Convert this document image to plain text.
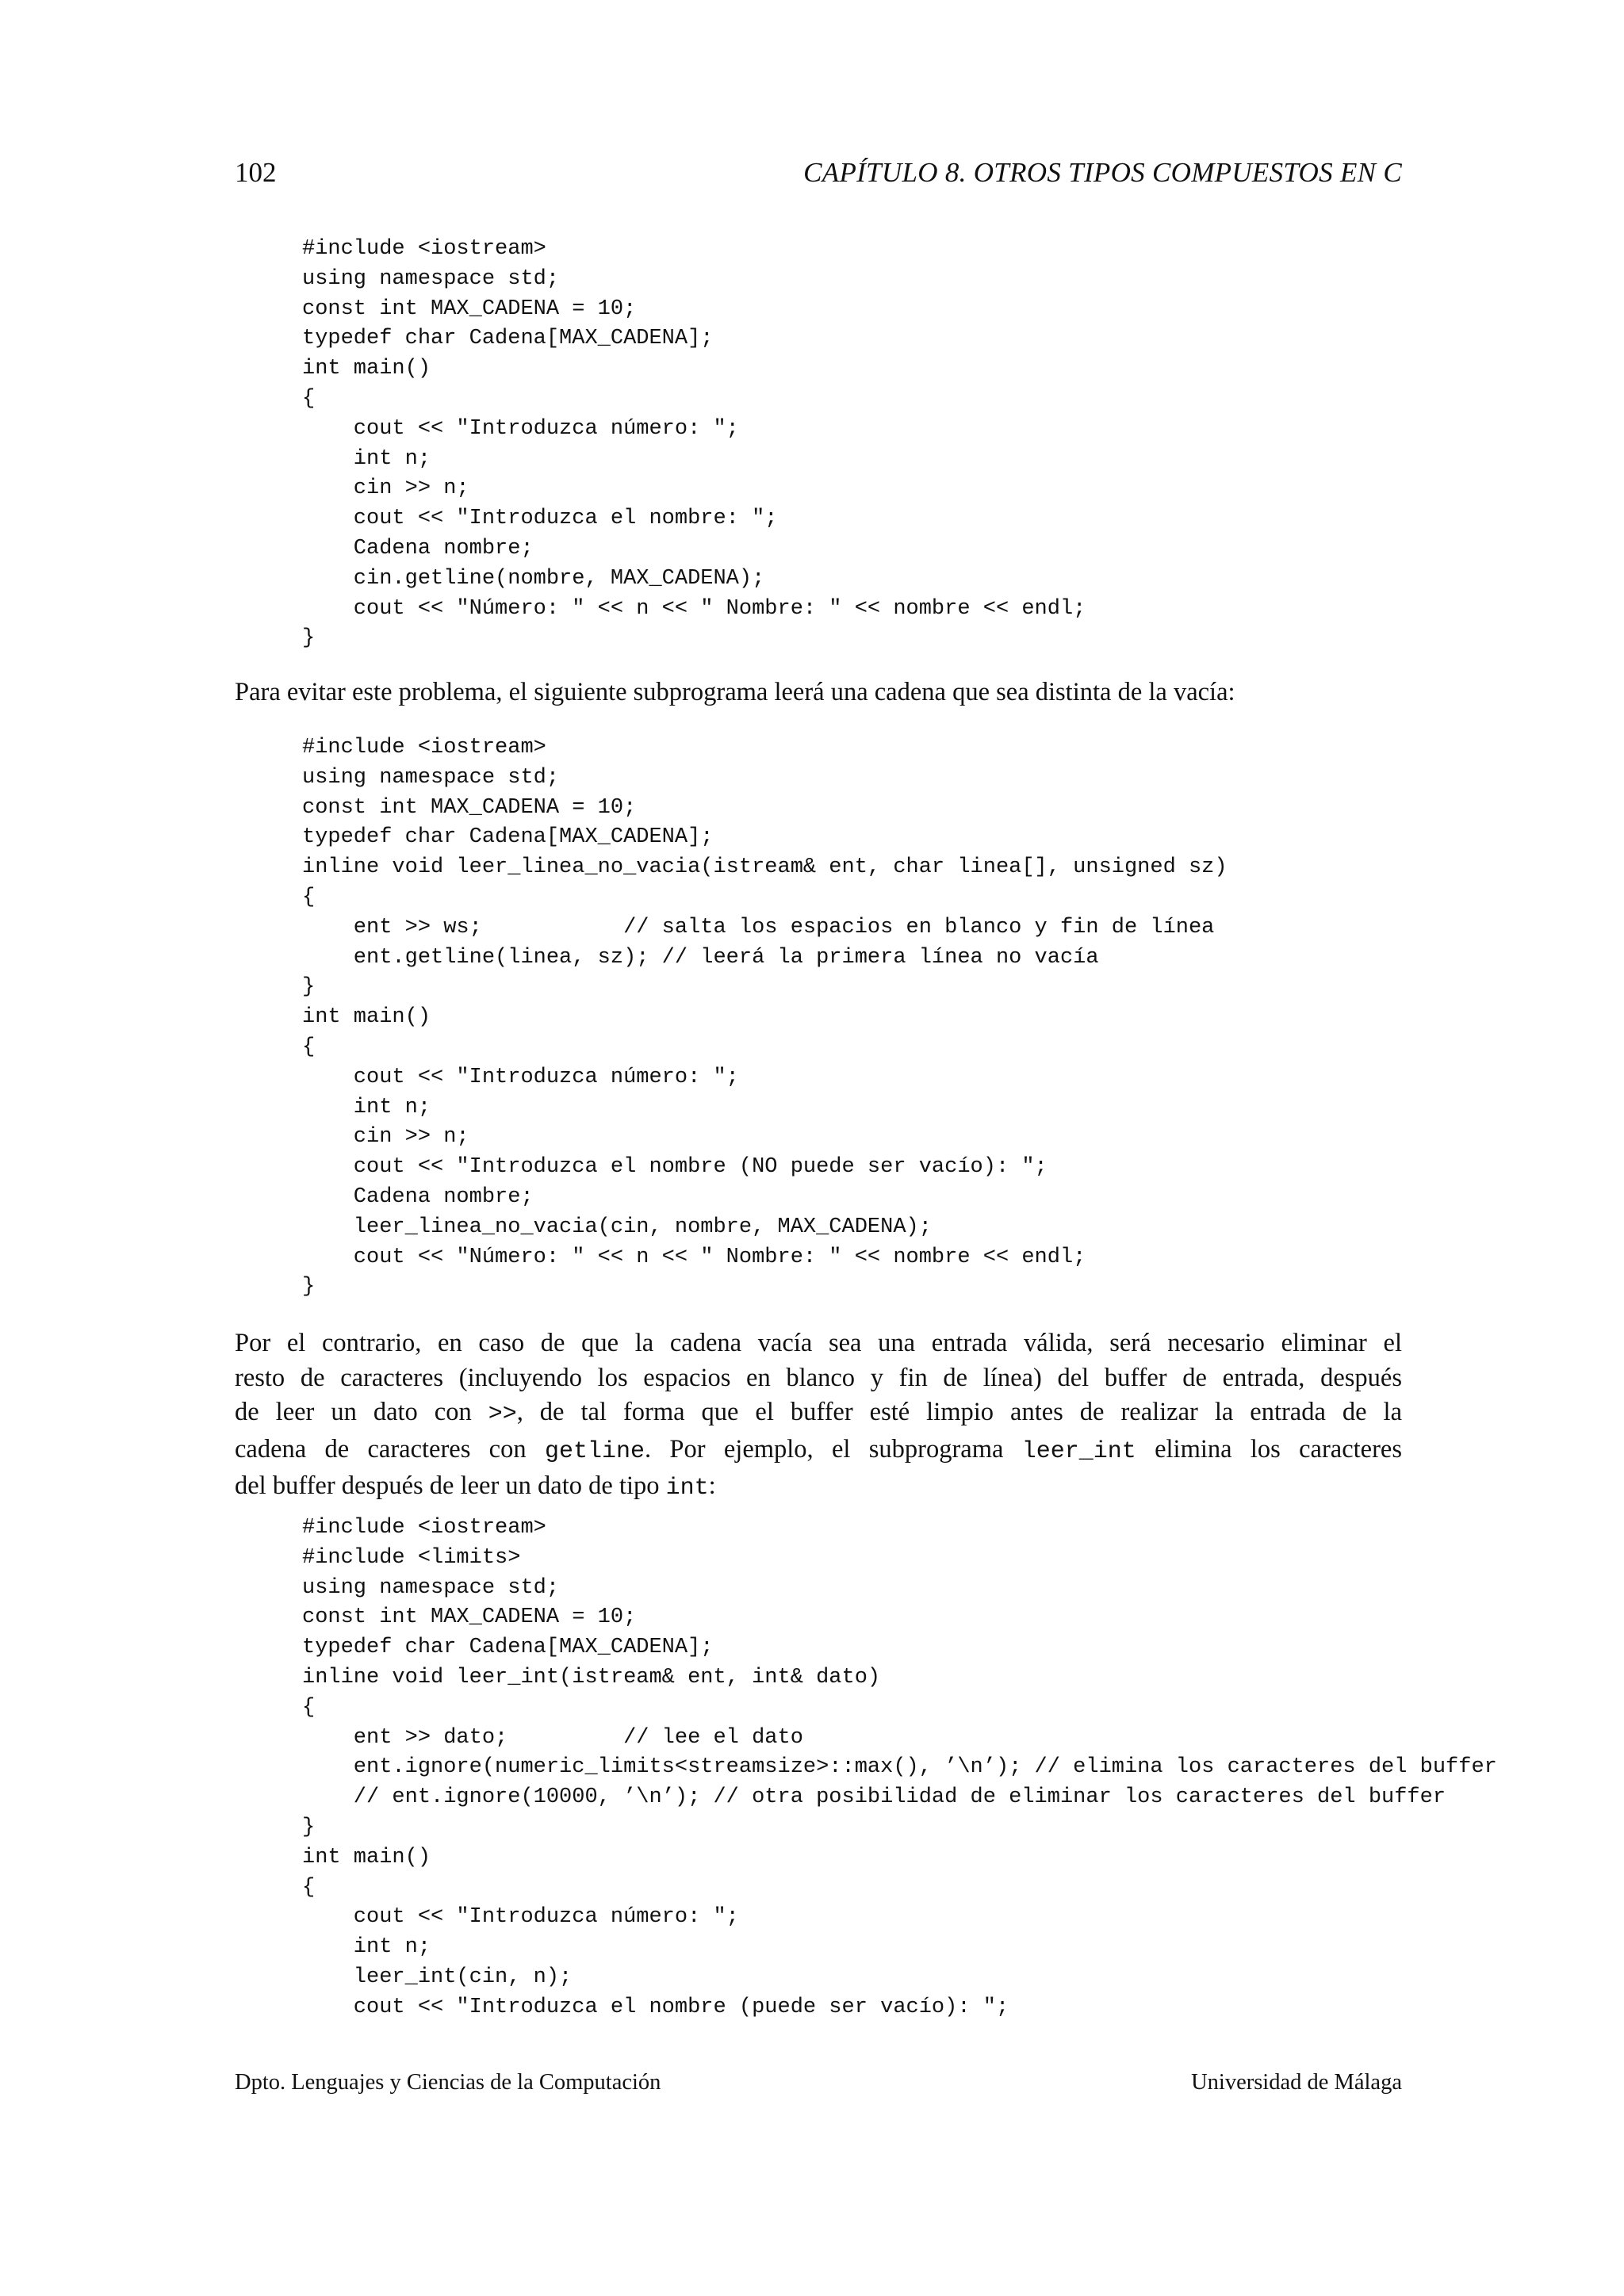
102	CAPÍTULO 8. OTROS TIPOS COMPUESTOS EN C
#include <iostream>
using namespace std;
const int MAX_CADENA = 10;
typedef char Cadena[MAX_CADENA];
int main()
{
cout << "Introduzca número: ";
int n;
cin >> n;
cout << "Introduzca el nombre: ";
Cadena nombre;
cin.getline(nombre, MAX_CADENA);
cout << "Número: " << n << " Nombre: " << nombre << endl;
}

Para evitar este problema, el siguiente subprograma leerá una cadena que sea distinta de la vacía:

#include <iostream>
using namespace std;
const int MAX_CADENA = 10;
typedef char Cadena[MAX_CADENA];
inline void leer_linea_no_vacia(istream& ent, char linea[], unsigned sz)
{
ent >> ws;           // salta los espacios en blanco y fin de línea
ent.getline(linea, sz); // leerá la primera línea no vacía
}
int main()
{
cout << "Introduzca número: ";
int n;
cin >> n;
cout << "Introduzca el nombre (NO puede ser vacío): ";
Cadena nombre;
leer_linea_no_vacia(cin, nombre, MAX_CADENA);
cout << "Número: " << n << " Nombre: " << nombre << endl;
}
Por el contrario, en caso de que la cadena vacía sea una entrada válida, será necesario eliminar el
resto de caracteres (incluyendo los espacios en blanco y fin de línea) del buffer de entrada, después
de leer un dato con >>, de tal forma que el buffer esté limpio antes de realizar la entrada de la
cadena de caracteres con getline. Por ejemplo, el subprograma leer_int elimina los caracteres
del buffer después de leer un dato de tipo int:
#include <iostream>
#include <limits>
using namespace std;
const int MAX_CADENA = 10;
typedef char Cadena[MAX_CADENA];
inline void leer_int(istream& ent, int& dato)
{
ent >> dato;         // lee el dato
ent.ignore(numeric_limits<streamsize>::max(), ’\n’); // elimina los caracteres del buffer
// ent.ignore(10000, ’\n’); // otra posibilidad de eliminar los caracteres del buffer
}
int main()
{
cout << "Introduzca número: ";
int n;
leer_int(cin, n);
cout << "Introduzca el nombre (puede ser vacío): ";
Dpto. Lenguajes y Ciencias de la Computación	Universidad de Málaga
